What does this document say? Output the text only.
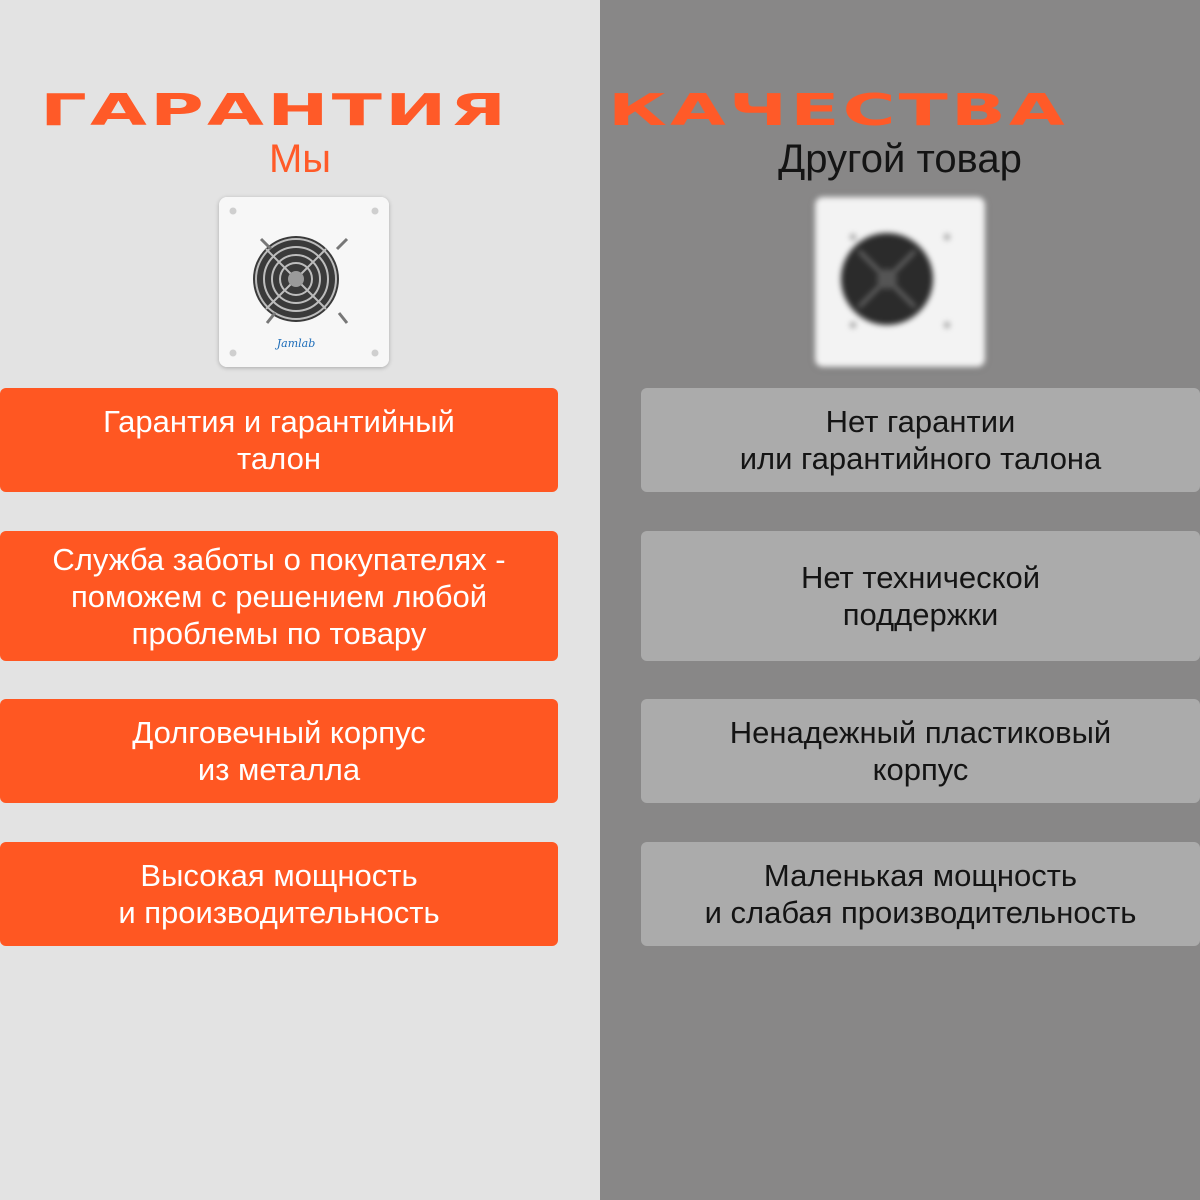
ГАРАНТИЯ КАЧЕСТВА
Мы	Другой товар
Jamlab
Гарантия и гарантийный
талон
Служба заботы о покупателях -
поможем с решением любой
проблемы по товару
Долговечный корпус
из металла
Высокая мощность
и производительность
Нет гарантии
или гарантийного талона
Нет технической
поддержки
Ненадежный пластиковый
корпус
Маленькая мощность
и слабая производительность
